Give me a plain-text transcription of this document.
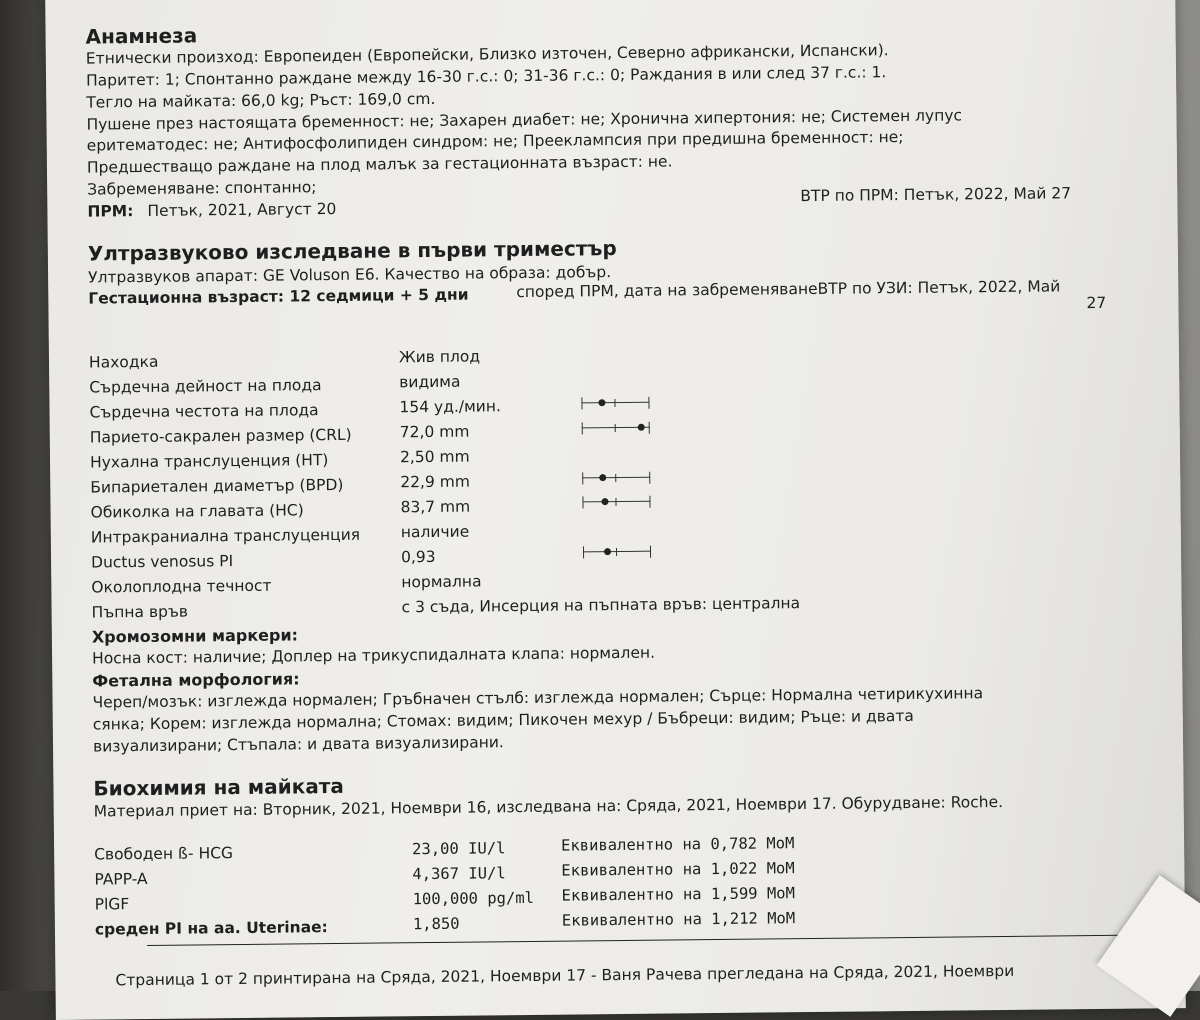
Анамнеза
Етнически произход: Европеиден (Европейски, Близко източен, Северно африкански, Испански).
Паритет: 1; Спонтанно раждане между 16-30 г.с.: 0; 31-36 г.с.: 0; Раждания в или след 37 г.с.: 1.
Тегло на майката: 66,0 kg; Ръст: 169,0 cm.
Пушене през настоящата бременност: не; Захарен диабет: не; Хронична хипертония: не; Системен лупус
еритематодес: не; Антифосфолипиден синдром: не; Прееклампсия при предишна бременност: не;
Предшестващо раждане на плод малък за гестационната възраст: не.
Забременяване: спонтанно;
ПРМ: Петък, 2021, Август 20
ВТР по ПРМ: Петък, 2022, Май 27
Ултразвуково изследване в първи триместър
Ултразвуков апарат: GE Voluson E6. Качество на образа: добър.
Гестационна възраст: 12 седмици + 5 дни	според ПРМ, дата на забременяванеВТР по УЗИ: Петък, 2022, Май
27
Находка	Жив плод
Сърдечна дейност на плода	видима
Сърдечна честота на плода	154 уд./мин.
Парието-сакрален размер (CRL)	72,0 mm
Нухална транслуценция (НТ)	2,50 mm
Бипариетален диаметър (BPD)	22,9 mm
Обиколка на главата (HC)	83,7 mm
Интракраниална транслуценция	наличие
Ductus venosus PI	0,93
Околоплодна течност	нормална
Пъпна връв	с 3 съда, Инсерция на пъпната връв: централна
Хромозомни маркери:
Носна кост: наличие; Доплер на трикуспидалната клапа: нормален.
Фетална морфология:
Череп/мозък: изглежда нормален; Гръбначен стълб: изглежда нормален; Сърце: Нормална четирикухинна
сянка; Корем: изглежда нормална; Стомах: видим; Пикочен мехур / Бъбреци: видим; Ръце: и двата
визуализирани; Стъпала: и двата визуализирани.
Биохимия на майката
Материал приет на: Вторник, 2021, Ноември 16, изследвана на: Сряда, 2021, Ноември 17. Обурудване: Roche.
Свободен ß- HCG	23,00 IU/l	Еквивалентно на 0,782 MoM
PAPP-A	4,367 IU/l	Еквивалентно на 1,022 MoM
PlGF	100,000 pg/ml Еквивалентно на 1,599 MoM
среден PI на аа. Uterinae:	1,850	Еквивалентно на 1,212 MoM
Страница 1 от 2 принтирана на Сряда, 2021, Ноември 17 - Ваня Рачева прегледана на Сряда, 2021, Ноември
